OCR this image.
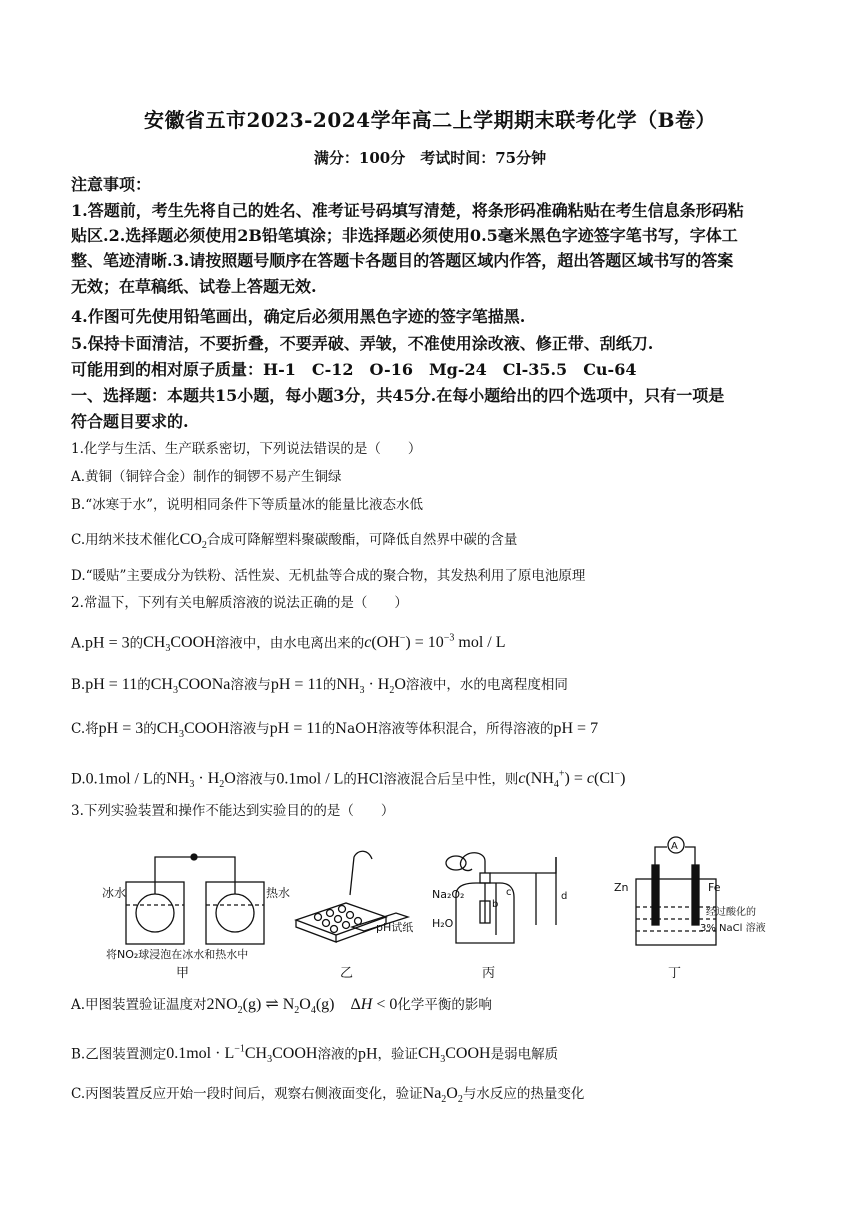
安徽省五市2023-2024学年高二上学期期末联考化学（B卷）
满分：100分　考试时间：75分钟
注意事项：
1.答题前，考生先将自己的姓名、准考证号码填写清楚，将条形码准确粘贴在考生信息条形码粘
贴区.2.选择题必须使用2B铅笔填涂；非选择题必须使用0.5毫米黑色字迹签字笔书写，字体工
整、笔迹清晰.3.请按照题号顺序在答题卡各题目的答题区域内作答，超出答题区域书写的答案
无效；在草稿纸、试卷上答题无效.
4.作图可先使用铅笔画出，确定后必须用黑色字迹的签字笔描黑.
5.保持卡面清洁，不要折叠，不要弄破、弄皱，不准使用涂改液、修正带、刮纸刀.
可能用到的相对原子质量：H-1　C-12　O-16　Mg-24　Cl-35.5　Cu-64
一、选择题：本题共15小题，每小题3分，共45分.在每小题给出的四个选项中，只有一项是
符合题目要求的.
1.化学与生活、生产联系密切，下列说法错误的是（　　）
A.黄铜（铜锌合金）制作的铜锣不易产生铜绿
B.“冰寒于水”，说明相同条件下等质量冰的能量比液态水低
C.用纳米技术催化$CO_2$合成可降解塑料聚碳酸酯，可降低自然界中碳的含量
D.“暖贴”主要成分为铁粉、活性炭、无机盐等合成的聚合物，其发热利用了原电池原理
2.常温下，下列有关电解质溶液的说法正确的是（　　）
A.pH = 3的$CH_3COOH$溶液中，由水电离出来的$c(OH^-) = 10^{-3}$ mol / L
B.pH = 11的$CH_3COONa$溶液与pH = 11的$NH_3 \cdot H_2O$溶液中，水的电离程度相同
C.将pH = 3的$CH_3COOH$溶液与pH = 11的NaOH溶液等体积混合，所得溶液的pH = 7
D.0.1mol / L的$NH_3 \cdot H_2O$溶液与0.1mol / L的HCl溶液混合后呈中性，则$c(NH_4^+) = c(Cl^-)$
3.下列实验装置和操作不能达到实验目的的是（　　）
冰水	热水
将NO₂球浸泡在冰水和热水中
甲
pH试纸
乙
Na₂O₂
H₂O
b
c	d
丙
A
Zn	Fe
经过酸化的
3% NaCl 溶液
丁
A.甲图装置验证温度对$2NO_2(g)$ ⇌ $N_2O_4(g)$　ΔH < 0化学平衡的影响
B.乙图装置测定$0.1mol \cdot L^{-1}CH_3COOH$溶液的pH，验证$CH_3COOH$是弱电解质
C.丙图装置反应开始一段时间后，观察右侧液面变化，验证$Na_2O_2$与水反应的热量变化
